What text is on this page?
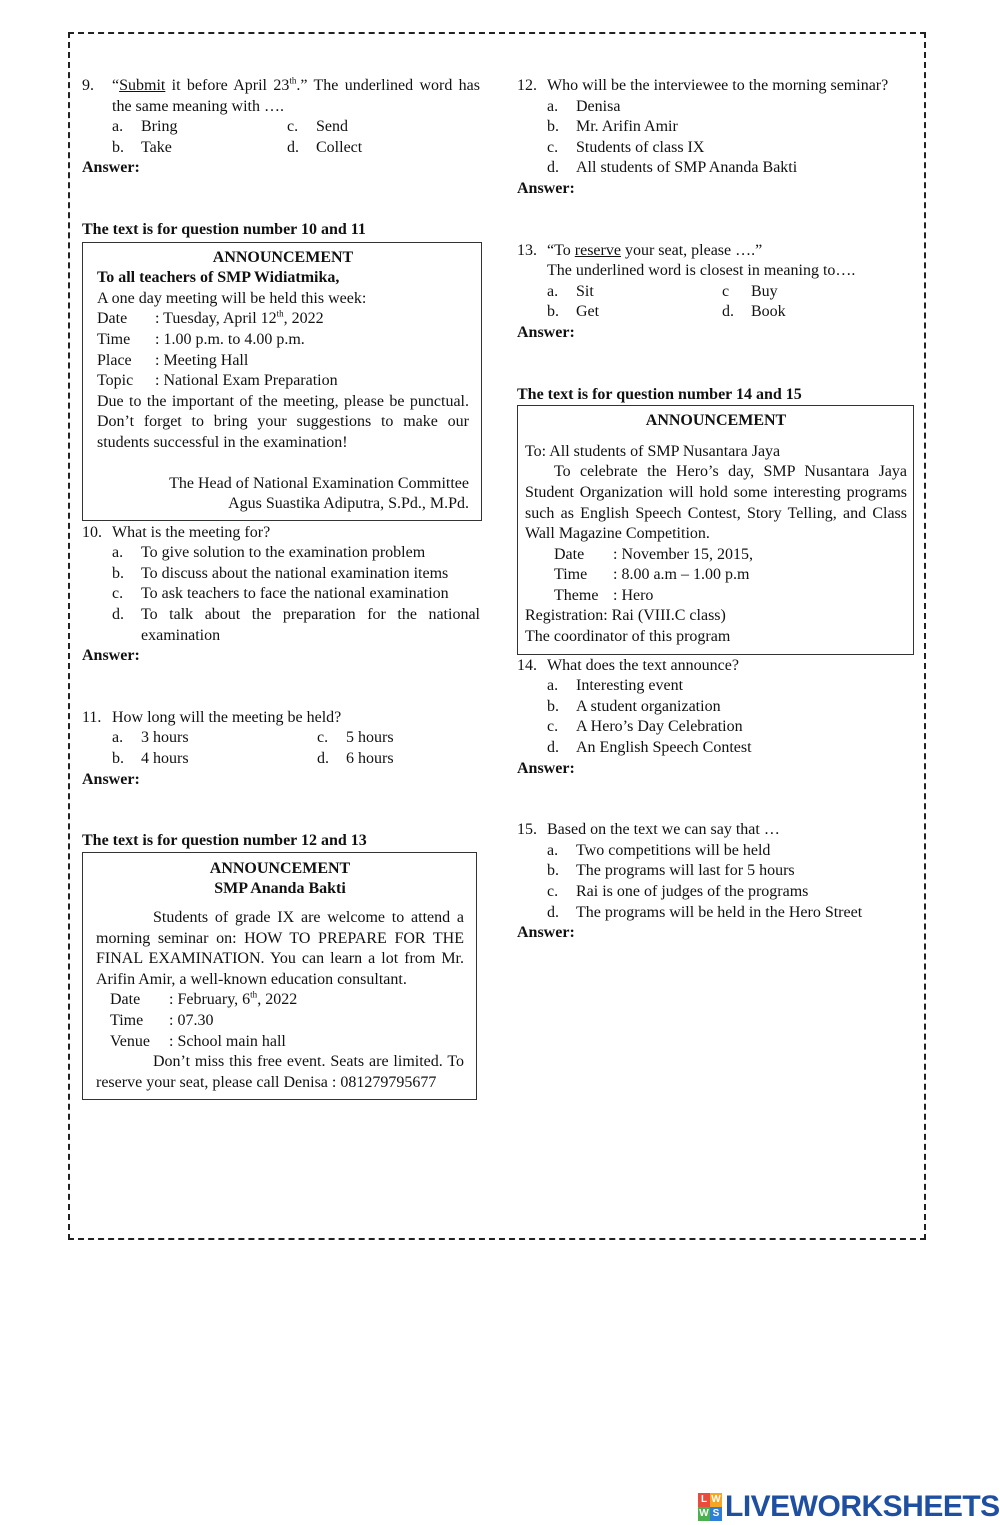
9.	“Submit it before April 23th.” The underlined word has the same meaning with ….

a.	Bring	c.	Send
b.	Take	d.	Collect

Answer:

The text is for question number 10 and 11

ANNOUNCEMENT

To all teachers of SMP Widiatmika,

A one day meeting will be held this week:

Date	: Tuesday, April 12th, 2022
Time	: 1.00 p.m. to 4.00 p.m.
Place	: Meeting Hall
Topic	: National Exam Preparation

Due to the important of the meeting, please be punctual. Don’t forget to bring your suggestions to make our students successful in the examination!

The Head of National Examination Committee

Agus Suastika Adiputra, S.Pd., M.Pd.

10. What is the meeting for?

a.	To give solution to the examination problem
b.	To discuss about the national examination items
c.	To ask teachers to face the national examination
d.	To talk about the preparation for the national examination

Answer:

11. How long will the meeting be held?

a.	3 hours	c.	5 hours
b.	4 hours	d.	6 hours

Answer:

The text is for question number 12 and 13

ANNOUNCEMENT

SMP Ananda Bakti

Students of grade IX are welcome to attend a morning seminar on: HOW TO PREPARE FOR THE FINAL EXAMINATION. You can learn a lot from Mr. Arifin Amir, a well-known education consultant.

Date	: February, 6th, 2022
Time	: 07.30
Venue	: School main hall

Don’t miss this free event. Seats are limited. To reserve your seat, please call Denisa : 081279795677

12. Who will be the interviewee to the morning seminar?

a.	Denisa
b.	Mr. Arifin Amir
c.	Students of class IX
d.	All students of SMP Ananda Bakti

Answer:

13. “To reserve your seat, please ….”

The underlined word is closest in meaning to….

a.	Sit	c	Buy
b.	Get	d.	Book

Answer:

The text is for question number 14 and 15

ANNOUNCEMENT

To: All students of SMP Nusantara Jaya

To celebrate the Hero’s day, SMP Nusantara Jaya Student Organization will hold some interesting programs such as English Speech Contest, Story Telling, and Class Wall Magazine Competition.

Date	: November 15, 2015,
Time	: 8.00 a.m – 1.00 p.m
Theme : Hero

Registration: Rai (VIII.C class)

The coordinator of this program

14. What does the text announce?

a.	Interesting event
b.	A student organization
c.	A Hero’s Day Celebration
d.	An English Speech Contest

Answer:

15. Based on the text we can say that …

a.	Two competitions will be held
b.	The programs will last for 5 hours
c.	Rai is one of judges of the programs
d.	The programs will be held in the Hero Street

Answer:

L W
W S LIVEWORKSHEETS
